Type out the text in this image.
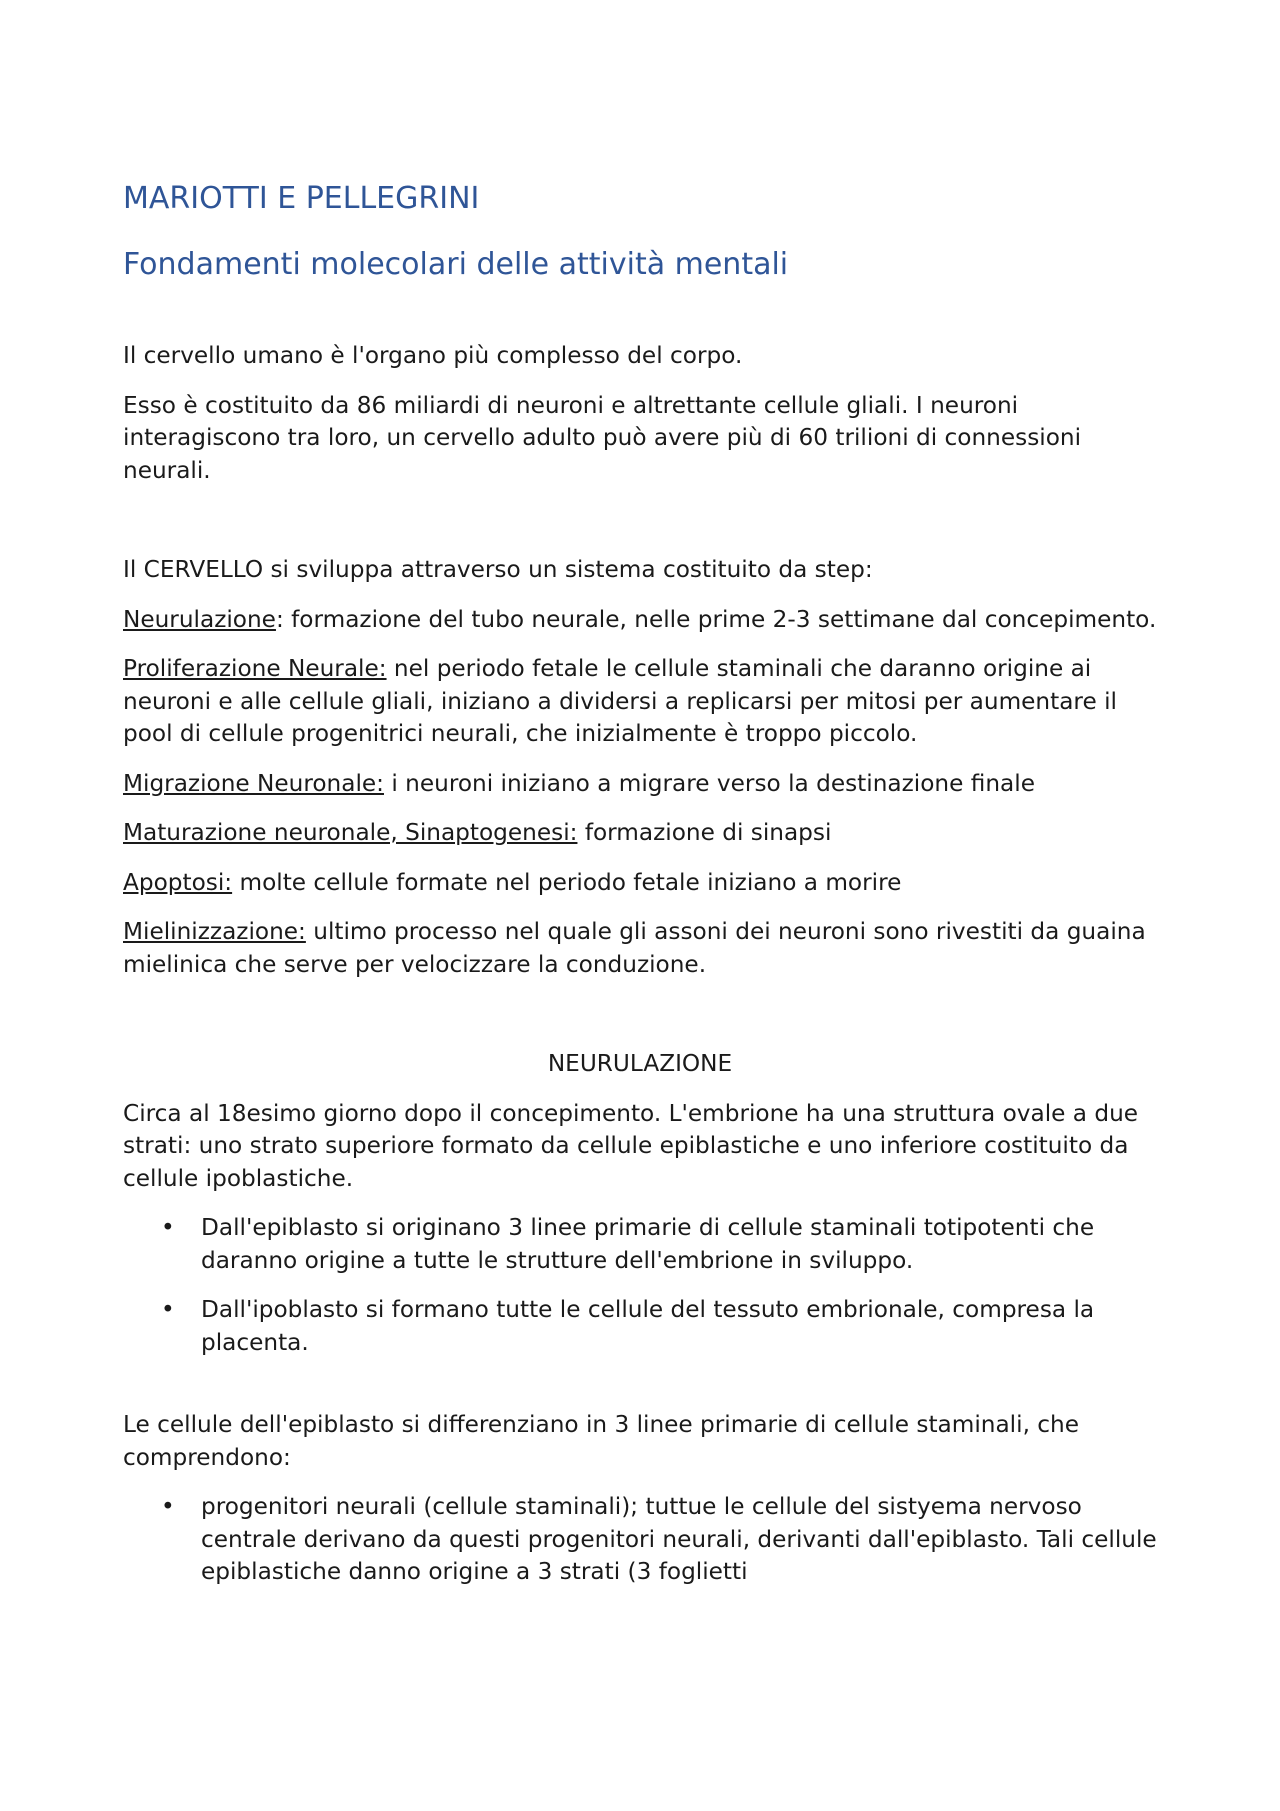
MARIOTTI E PELLEGRINI
Fondamenti molecolari delle attività mentali

Il cervello umano è l'organo più complesso del corpo.

Esso è costituito da 86 miliardi di neuroni e altrettante cellule gliali. I neuroni interagiscono tra loro, un cervello adulto può avere più di 60 trilioni di connessioni neurali.

Il CERVELLO si sviluppa attraverso un sistema costituito da step:

Neurulazione: formazione del tubo neurale, nelle prime 2-3 settimane dal concepimento.

Proliferazione Neurale: nel periodo fetale le cellule staminali che daranno origine ai neuroni e alle cellule gliali, iniziano a dividersi a replicarsi per mitosi per aumentare il pool di cellule progenitrici neurali, che inizialmente è troppo piccolo.

Migrazione Neuronale: i neuroni iniziano a migrare verso la destinazione finale

Maturazione neuronale, Sinaptogenesi: formazione di sinapsi

Apoptosi: molte cellule formate nel periodo fetale iniziano a morire

Mielinizzazione: ultimo processo nel quale gli assoni dei neuroni sono rivestiti da guaina mielinica che serve per velocizzare la conduzione.

NEURULAZIONE

Circa al 18esimo giorno dopo il concepimento. L'embrione ha una struttura ovale a due strati: uno strato superiore formato da cellule epiblastiche e uno inferiore costituito da cellule ipoblastiche.

• Dall'epiblasto si originano 3 linee primarie di cellule staminali totipotenti che daranno origine a tutte le strutture dell'embrione in sviluppo.
• Dall'ipoblasto si formano tutte le cellule del tessuto embrionale, compresa la placenta.

Le cellule dell'epiblasto si differenziano in 3 linee primarie di cellule staminali, che comprendono:

• progenitori neurali (cellule staminali); tuttue le cellule del sistyema nervoso centrale derivano da questi progenitori neurali, derivanti dall'epiblasto. Tali cellule epiblastiche danno origine a 3 strati (3 foglietti
